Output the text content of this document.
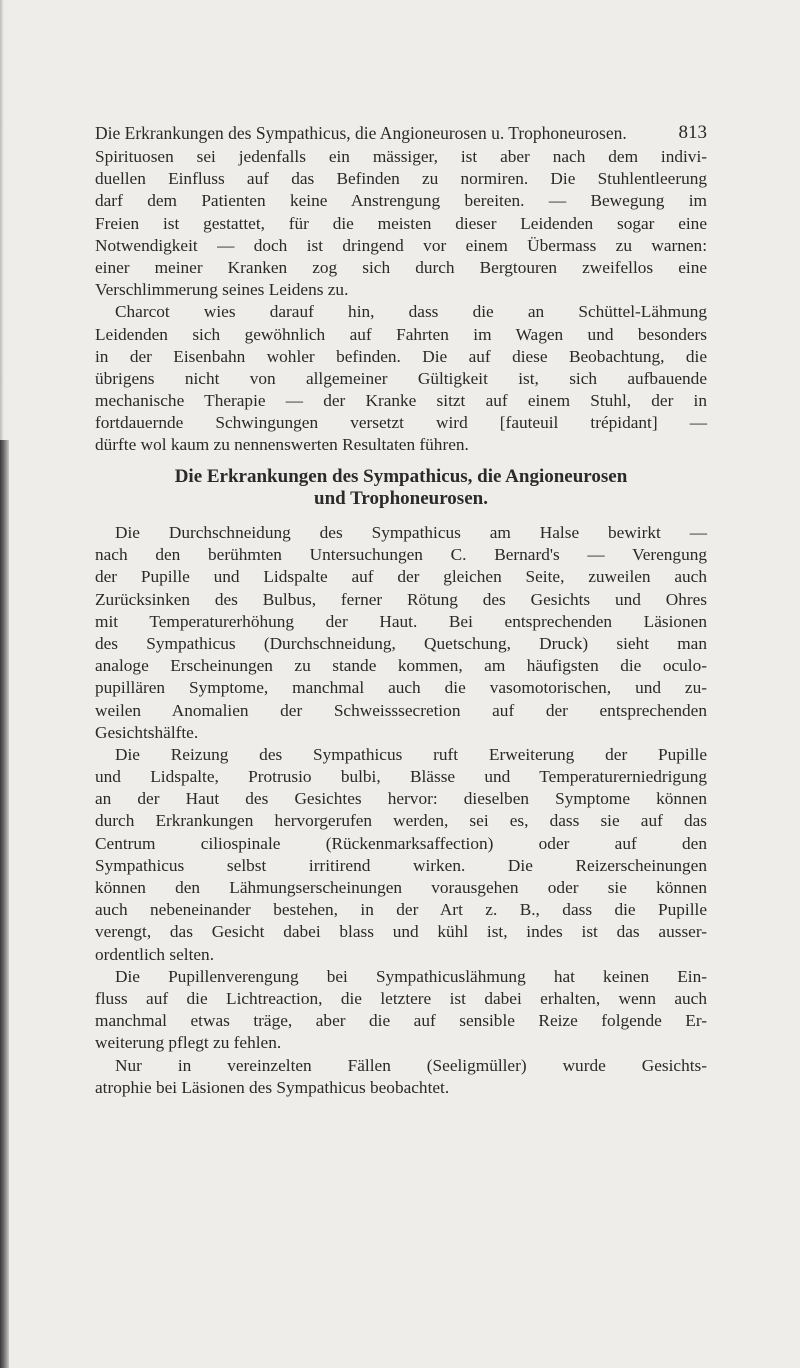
Die Erkrankungen des Sympathicus, die Angioneurosen u. Trophoneurosen.	813
Spirituosen sei jedenfalls ein mässiger, ist aber nach dem indivi-
duellen Einfluss auf das Befinden zu normiren. Die Stuhlentleerung
darf dem Patienten keine Anstrengung bereiten. — Bewegung im
Freien ist gestattet, für die meisten dieser Leidenden sogar eine
Notwendigkeit — doch ist dringend vor einem Übermass zu warnen:
einer meiner Kranken zog sich durch Bergtouren zweifellos eine
Verschlimmerung seines Leidens zu.
Charcot wies darauf hin, dass die an Schüttel-Lähmung
Leidenden sich gewöhnlich auf Fahrten im Wagen und besonders
in der Eisenbahn wohler befinden. Die auf diese Beobachtung, die
übrigens nicht von allgemeiner Gültigkeit ist, sich aufbauende
mechanische Therapie — der Kranke sitzt auf einem Stuhl, der in
fortdauernde Schwingungen versetzt wird [fauteuil trépidant] —
dürfte wol kaum zu nennenswerten Resultaten führen.
Die Erkrankungen des Sympathicus, die Angioneurosen
und Trophoneurosen.
Die Durchschneidung des Sympathicus am Halse bewirkt —
nach den berühmten Untersuchungen C. Bernard's — Verengung
der Pupille und Lidspalte auf der gleichen Seite, zuweilen auch
Zurücksinken des Bulbus, ferner Rötung des Gesichts und Ohres
mit Temperaturerhöhung der Haut. Bei entsprechenden Läsionen
des Sympathicus (Durchschneidung, Quetschung, Druck) sieht man
analoge Erscheinungen zu stande kommen, am häufigsten die oculo-
pupillären Symptome, manchmal auch die vasomotorischen, und zu-
weilen Anomalien der Schweisssecretion auf der entsprechenden
Gesichtshälfte.
Die Reizung des Sympathicus ruft Erweiterung der Pupille
und Lidspalte, Protrusio bulbi, Blässe und Temperaturerniedrigung
an der Haut des Gesichtes hervor: dieselben Symptome können
durch Erkrankungen hervorgerufen werden, sei es, dass sie auf das
Centrum ciliospinale (Rückenmarksaffection) oder auf den
Sympathicus selbst irritirend wirken. Die Reizerscheinungen
können den Lähmungserscheinungen vorausgehen oder sie können
auch nebeneinander bestehen, in der Art z. B., dass die Pupille
verengt, das Gesicht dabei blass und kühl ist, indes ist das ausser-
ordentlich selten.
Die Pupillenverengung bei Sympathicuslähmung hat keinen Ein-
fluss auf die Lichtreaction, die letztere ist dabei erhalten, wenn auch
manchmal etwas träge, aber die auf sensible Reize folgende Er-
weiterung pflegt zu fehlen.
Nur in vereinzelten Fällen (Seeligmüller) wurde Gesichts-
atrophie bei Läsionen des Sympathicus beobachtet.
